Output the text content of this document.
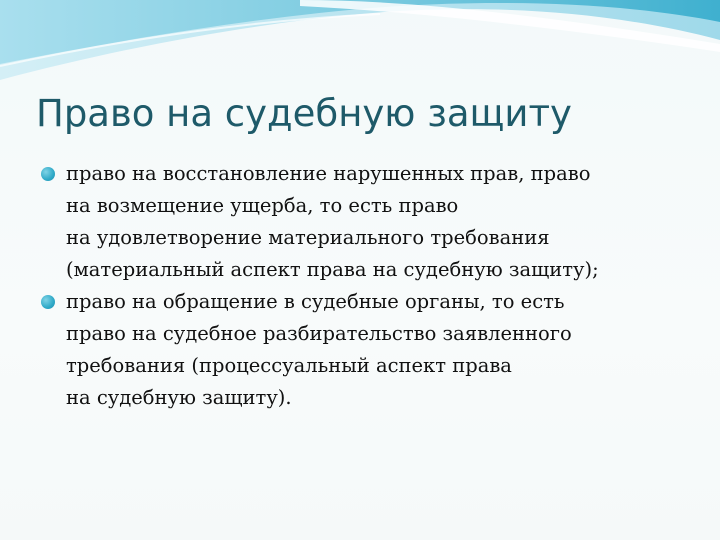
Право на судебную защиту
право на восстановление нарушенных прав, право
на возмещение ущерба, то есть право
на удовлетворение материального требования
(материальный аспект права на судебную защиту);
право на обращение в судебные органы, то есть
право на судебное разбирательство заявленного
требования (процессуальный аспект права
на судебную защиту).
